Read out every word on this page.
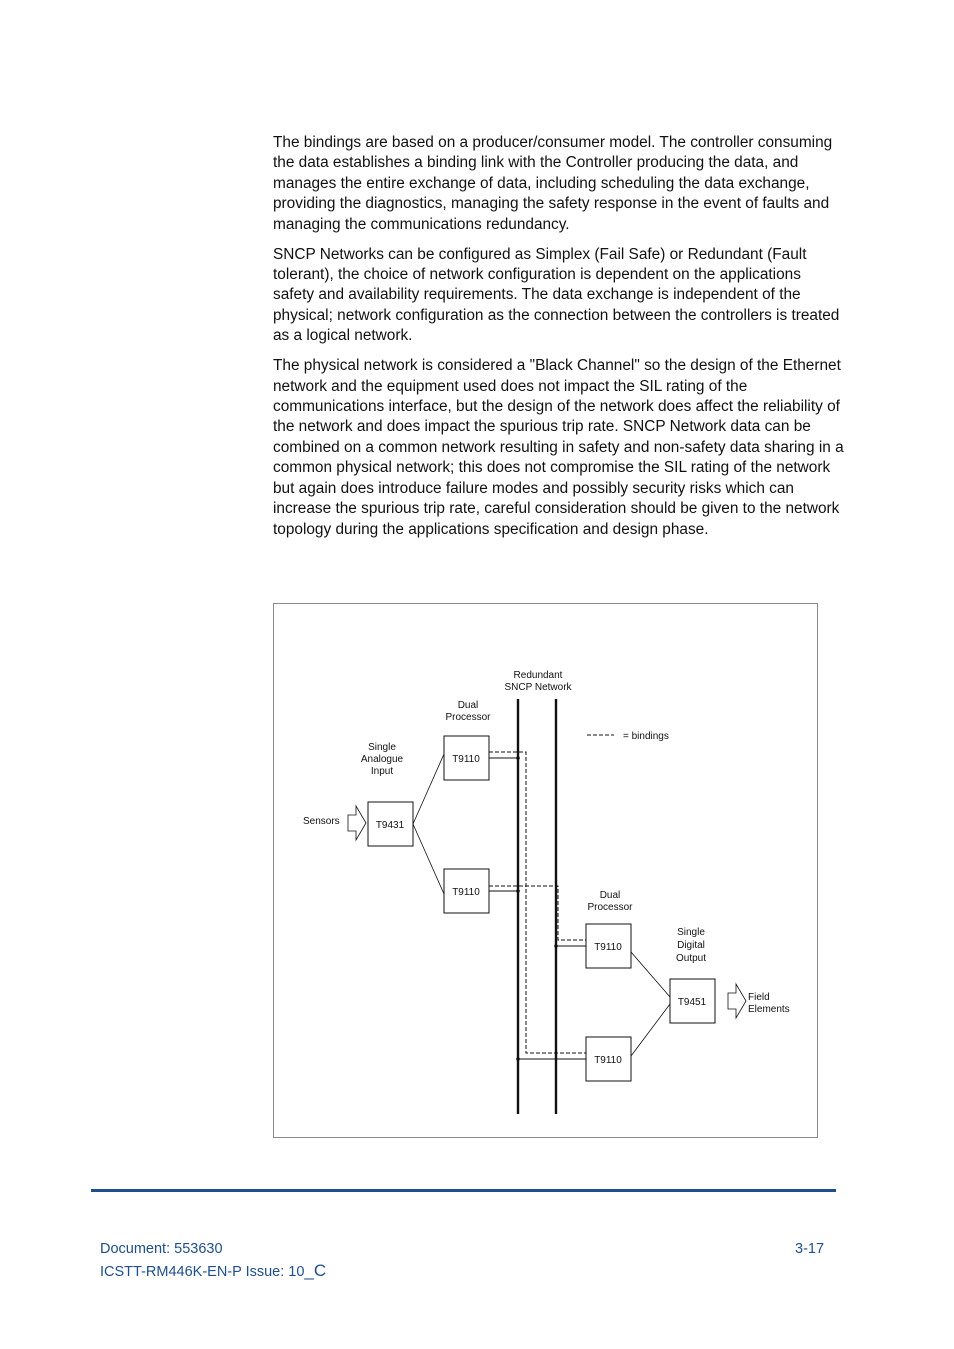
The bindings are based on a producer/consumer model. The controller consuming the data establishes a binding link with the Controller producing the data, and manages the entire exchange of data, including scheduling the data exchange, providing the diagnostics, managing the safety response in the event of faults and managing the communications redundancy.

SNCP Networks can be configured as Simplex (Fail Safe) or Redundant (Fault tolerant), the choice of network configuration is dependent on the applications safety and availability requirements. The data exchange is independent of the physical; network configuration as the connection between the controllers is treated as a logical network.

The physical network is considered a "Black Channel" so the design of the Ethernet network and the equipment used does not impact the SIL rating of the communications interface, but the design of the network does affect the reliability of the network and does impact the spurious trip rate. SNCP Network data can be combined on a common network resulting in safety and non-safety data sharing in a common physical network; this does not compromise the SIL rating of the network but again does introduce failure modes and possibly security risks which can increase the spurious trip rate, careful consideration should be given to the network topology during the applications specification and design phase.

= bindings
T9431
T9110
T9110
T9110
T9110
T9451
Sensors
Field
Elements
Redundant
SNCP Network
Dual
Processor
Single
Analogue
Input
Dual
Processor
Single
Digital
Output
Document: 553630
ICSTT-RM446K-EN-P Issue: 10_C
3-17
